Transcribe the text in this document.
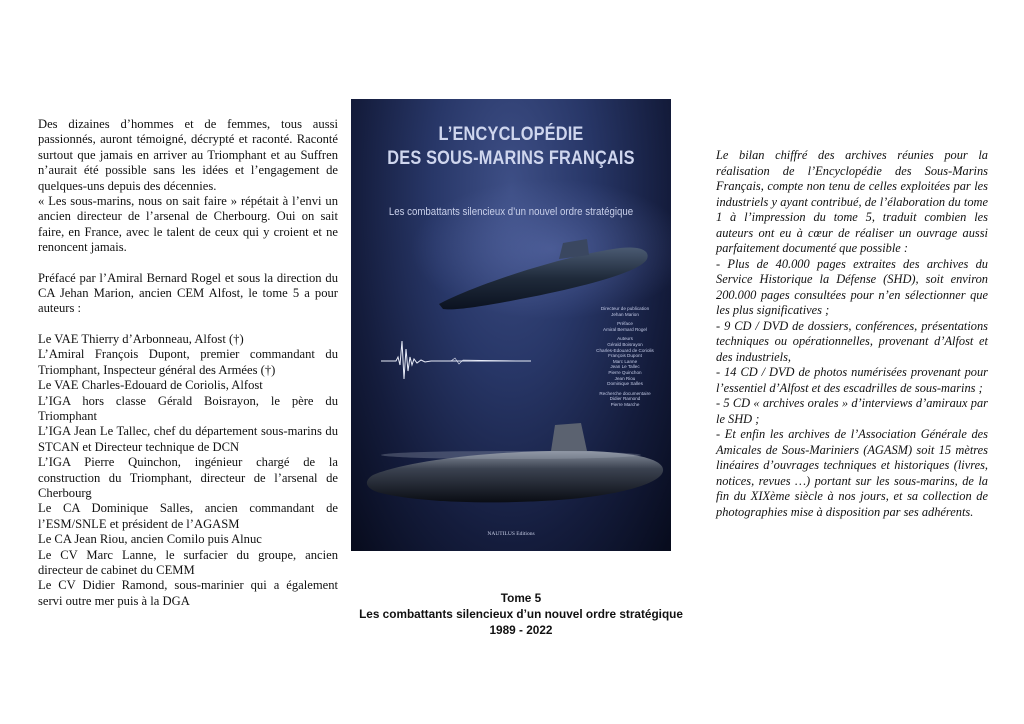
Des dizaines d’hommes et de femmes, tous aussi passionnés, auront témoigné, décrypté et raconté. Raconté surtout que jamais en arriver au Triomphant et au Suffren n’aurait été possible sans les idées et l’engagement de quelques-uns depuis des décennies.

« Les sous-marins, nous on sait faire » répétait à l’envi un ancien directeur de l’arsenal de Cherbourg. Oui on sait faire, en France, avec le talent de ceux qui y croient et ne renoncent jamais.

Préfacé par l’Amiral Bernard Rogel et sous la direction du CA Jehan Marion, ancien CEM Alfost, le tome 5 a pour auteurs :

Le VAE Thierry d’Arbonneau, Alfost (†)

L’Amiral François Dupont, premier commandant du Triomphant, Inspecteur général des Armées (†)

Le VAE Charles-Edouard de Coriolis, Alfost

L’IGA hors classe Gérald Boisrayon, le père du Triomphant

L’IGA Jean Le Tallec, chef du département sous-marins du STCAN et Directeur technique de DCN

L’IGA Pierre Quinchon, ingénieur chargé de la construction du Triomphant, directeur de l’arsenal de Cherbourg

Le CA Dominique Salles, ancien commandant de l’ESM/SNLE et président de l’AGASM

Le CA Jean Riou, ancien Comilo puis Alnuc

Le CV Marc Lanne, le surfacier du groupe, ancien directeur de cabinet du CEMM

Le CV Didier Ramond, sous-marinier qui a également servi outre mer puis à la DGA

L’ENCYCLOPÉDIE
DES SOUS-MARINS FRANÇAIS
Les combattants silencieux d’un nouvel ordre stratégique
Directeur de publication
Jehan Marion
Préface
Amiral Bernard Rogel
Auteurs
Gérald Boisrayon
Charles-Edouard de Coriolis
François Dupont
Marc Lanne
Jean Le Tallec
Pierre Quinchon
Jean Riou
Dominique Salles
Recherche documentaire
Didier Ramond
Pierre Marche
NAUTILUS Editions
Tome 5
Les combattants silencieux d’un nouvel ordre stratégique
1989 - 2022

Le bilan chiffré des archives réunies pour la réalisation de l’Encyclopédie des Sous-Marins Français, compte non tenu de celles exploitées par les industriels y ayant contribué, de l’élaboration du tome 1 à l’impression du tome 5, traduit combien les auteurs ont eu à cœur de réaliser un ouvrage aussi parfaitement documenté que possible :

- Plus de 40.000 pages extraites des archives du Service Historique la Défense (SHD), soit environ 200.000 pages consultées pour n’en sélectionner que les plus significatives ;

- 9 CD / DVD de dossiers, conférences, présentations techniques ou opérationnelles, provenant d’Alfost et des industriels,

- 14 CD / DVD de photos numérisées provenant pour l’essentiel d’Alfost et des escadrilles de sous-marins ;

- 5 CD « archives orales » d’interviews d’amiraux par le SHD ;

- Et enfin les archives de l’Association Générale des Amicales de Sous-Mariniers (AGASM) soit 15 mètres linéaires d’ouvrages techniques et historiques (livres, notices, revues …) portant sur les sous-marins, de la fin du XIXème siècle à nos jours, et sa collection de photographies mise à disposition par ses adhérents.
